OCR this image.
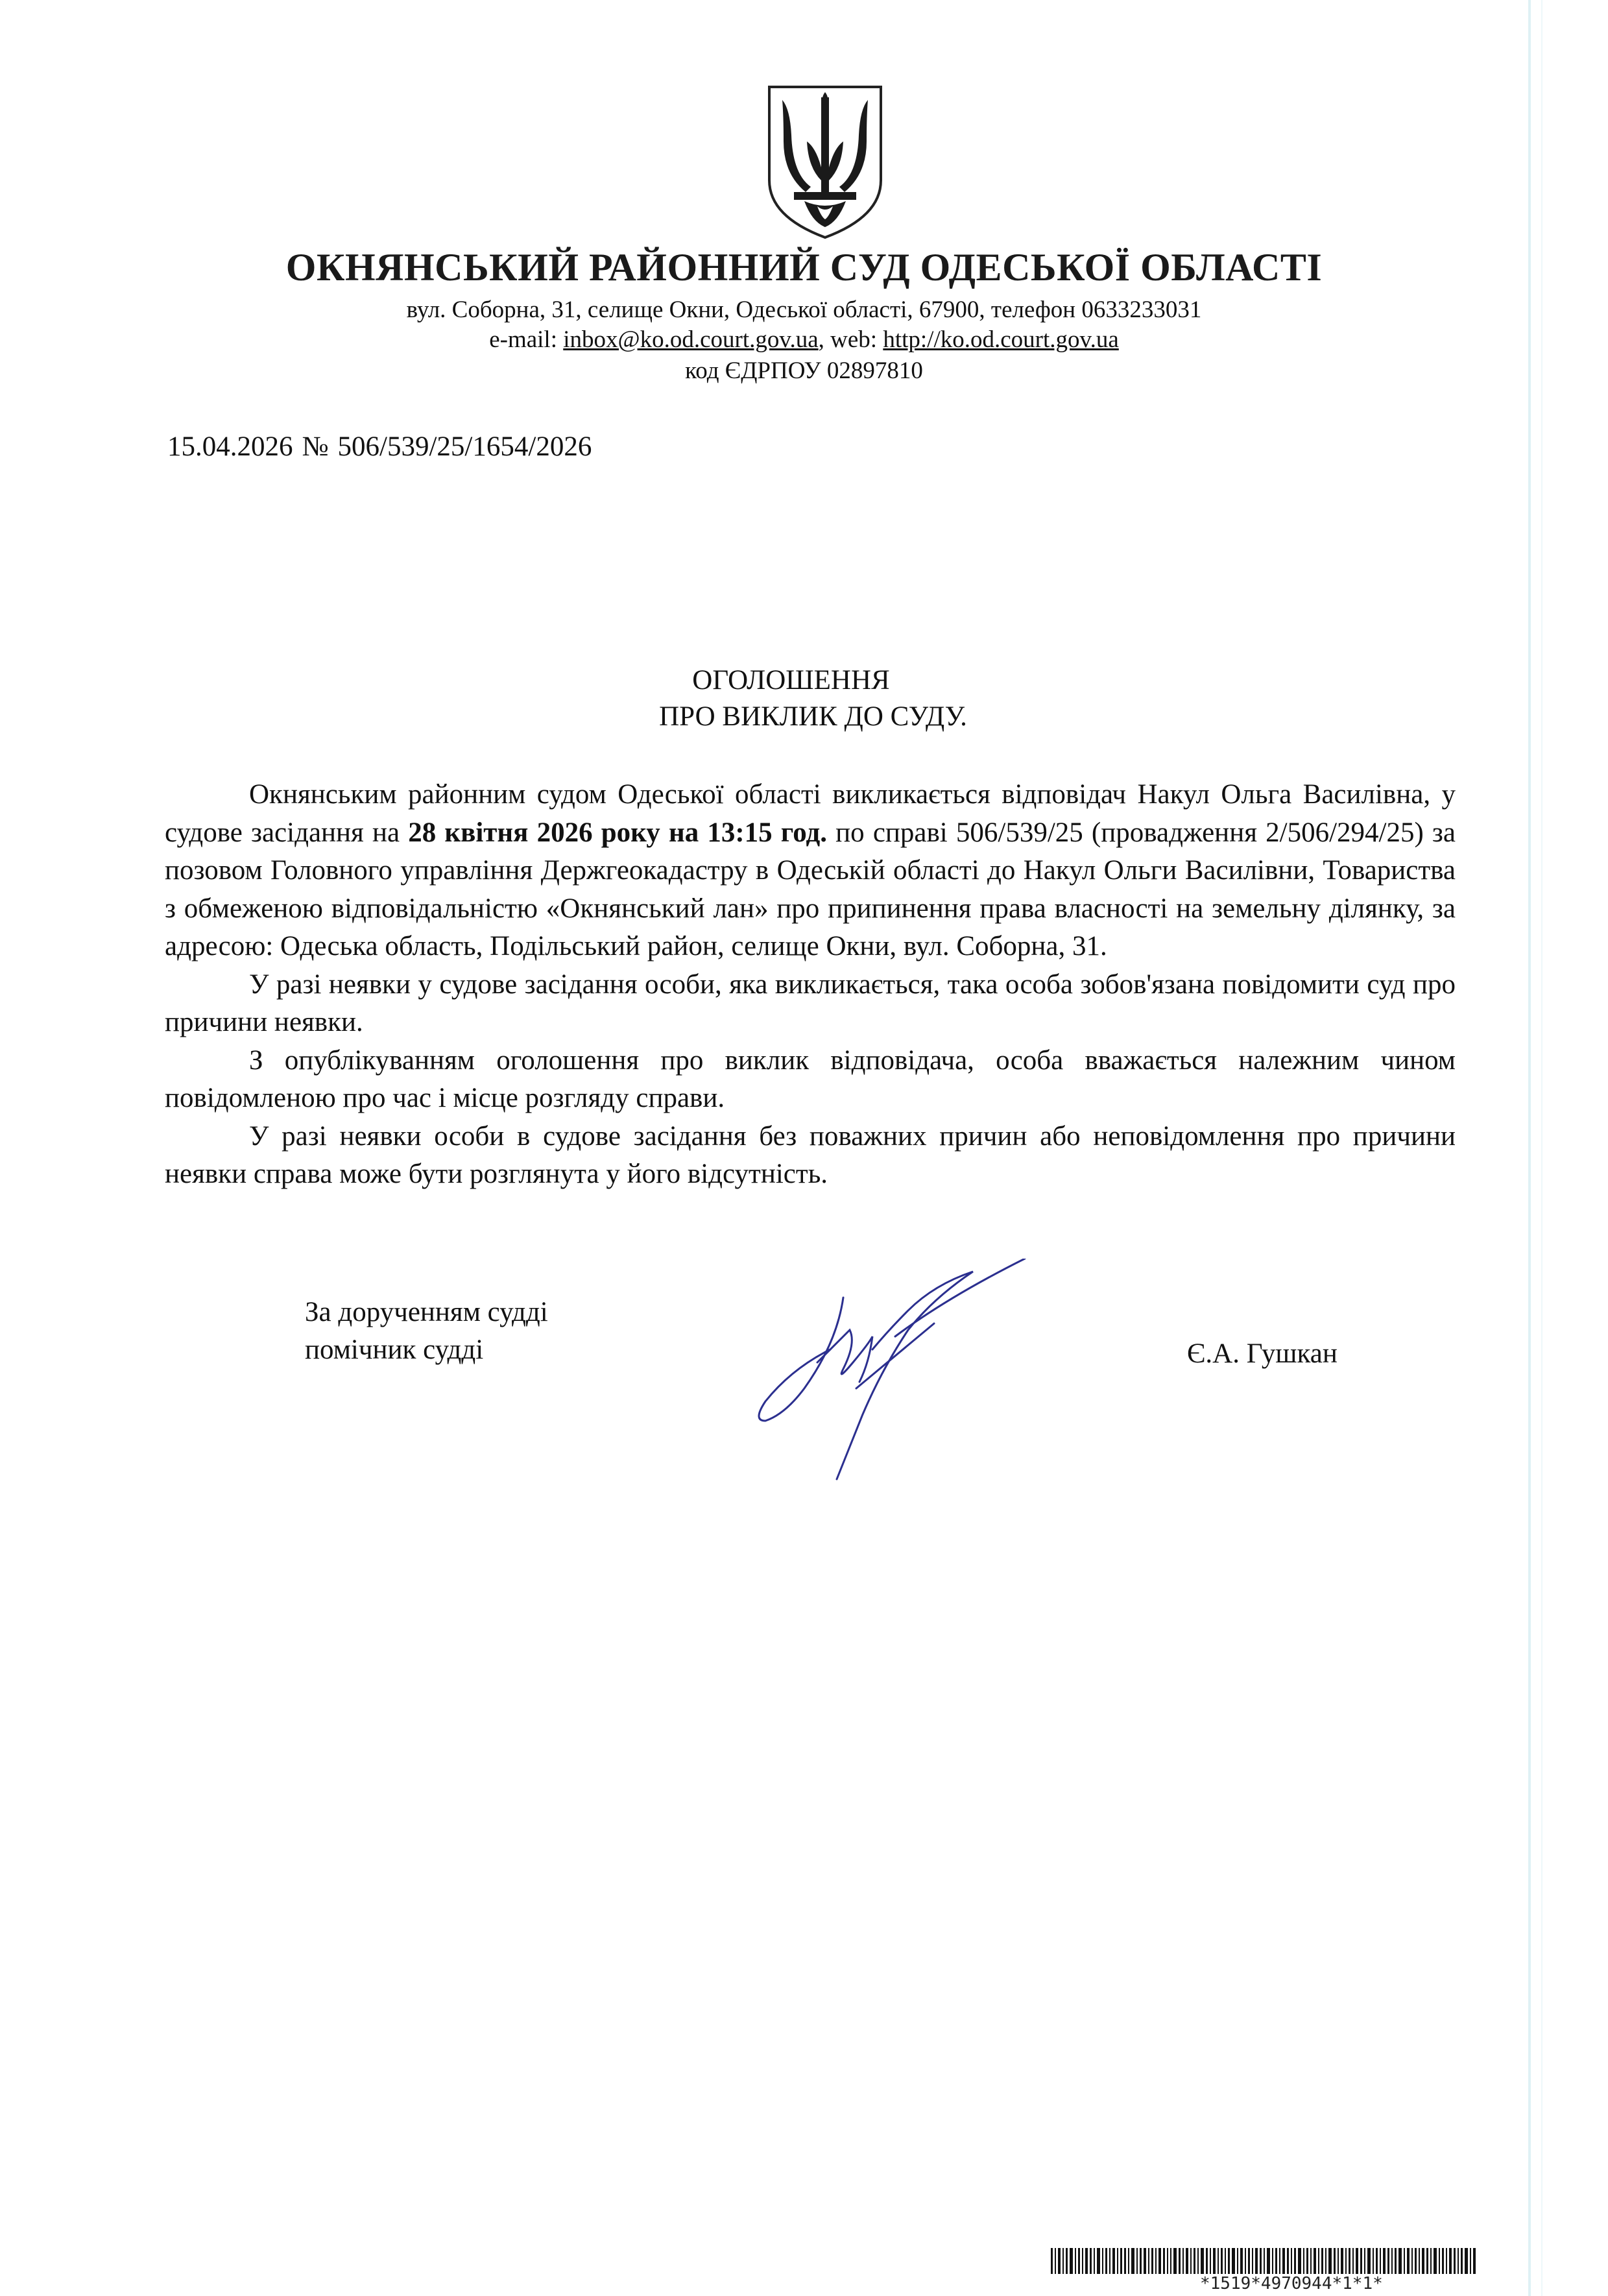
ОКНЯНСЬКИЙ РАЙОННИЙ СУД ОДЕСЬКОЇ ОБЛАСТІ
вул. Соборна, 31, селище Окни, Одеської області, 67900, телефон 0633233031
e-mail: inbox@ko.od.court.gov.ua, web: http://ko.od.court.gov.ua
код ЄДРПОУ 02897810
15.04.2026 № 506/539/25/1654/2026
ОГОЛОШЕННЯ
ПРО ВИКЛИК ДО СУДУ.

Окнянським районним судом Одеської області викликається відповідач Накул Ольга Василівна, у судове засідання на 28 квітня 2026 року на 13:15 год. по справі 506/539/25 (провадження 2/506/294/25) за позовом Головного управління Держгеокадастру в Одеській області до Накул Ольги Василівни, Товариства з обмеженою відповідальністю «Окнянський лан» про припинення права власності на земельну ділянку, за адресою: Одеська область, Подільський район, селище Окни, вул. Соборна, 31.

У разі неявки у судове засідання особи, яка викликається, така особа зобов'язана повідомити суд про причини неявки.

З опублікуванням оголошення про виклик відповідача, особа вважається належним чином повідомленою про час і місце розгляду справи.

У разі неявки особи в судове засідання без поважних причин або неповідомлення про причини неявки справа може бути розглянута у його відсутність.

За дорученням судді
помічник судді	Є.А. Гушкан
*1519*4970944*1*1*
